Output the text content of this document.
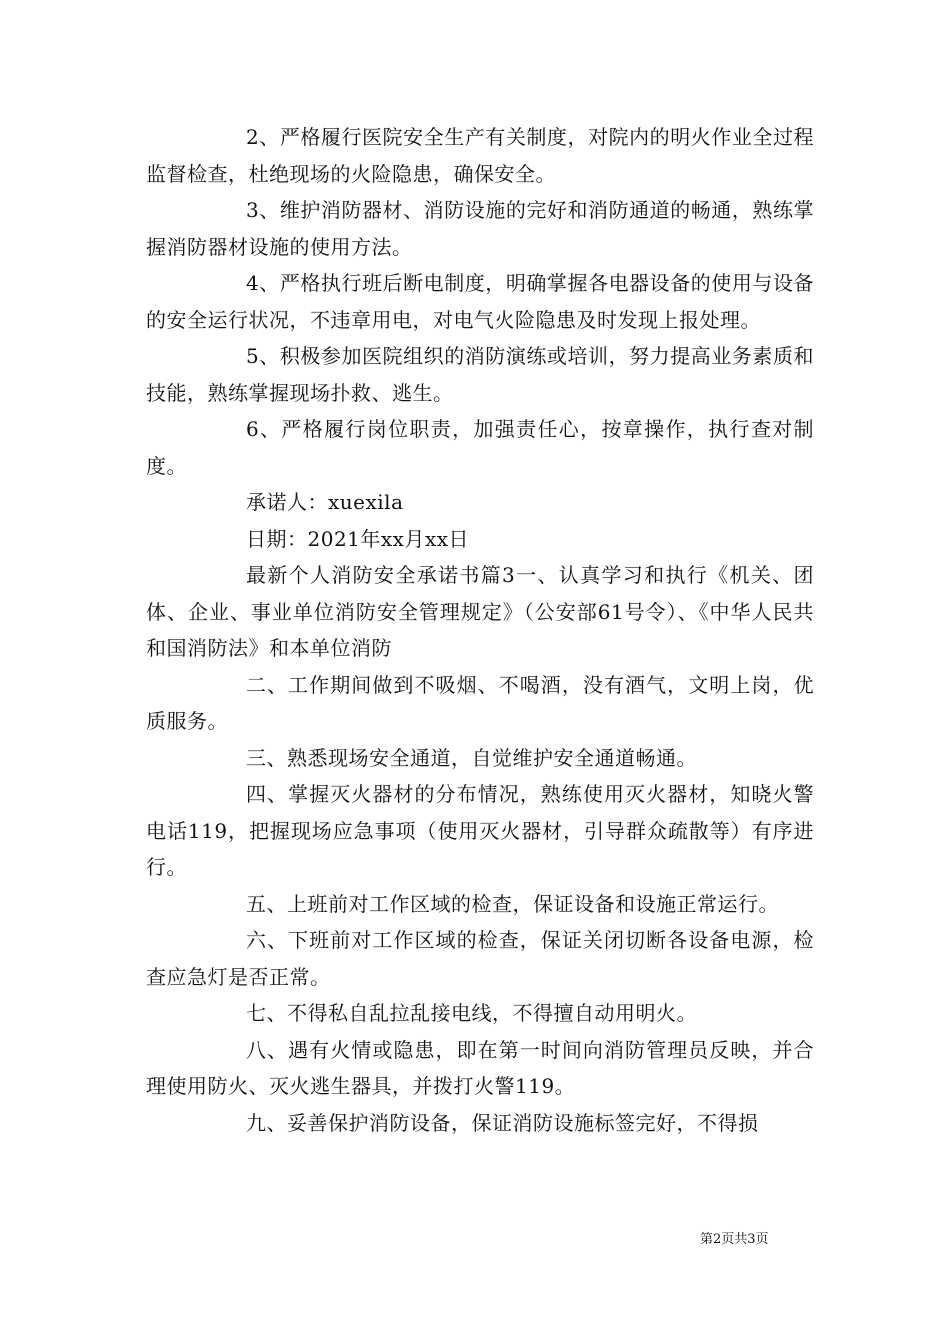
2、严格履行医院安全生产有关制度，对院内的明火作业全过程监督检查，杜绝现场的火险隐患，确保安全。

3、维护消防器材、消防设施的完好和消防通道的畅通，熟练掌握消防器材设施的使用方法。

4、严格执行班后断电制度，明确掌握各电器设备的使用与设备的安全运行状况，不违章用电，对电气火险隐患及时发现上报处理。

5、积极参加医院组织的消防演练或培训，努力提高业务素质和技能，熟练掌握现场扑救、逃生。

6、严格履行岗位职责，加强责任心，按章操作，执行查对制度。

承诺人：xuexila

日期：2021年xx月xx日

最新个人消防安全承诺书篇3一、认真学习和执行《机关、团体、企业、事业单位消防安全管理规定》（公安部61号令）、《中华人民共和国消防法》和本单位消防

二、工作期间做到不吸烟、不喝酒，没有酒气，文明上岗，优质服务。

三、熟悉现场安全通道，自觉维护安全通道畅通。

四、掌握灭火器材的分布情况，熟练使用灭火器材，知晓火警电话119，把握现场应急事项（使用灭火器材，引导群众疏散等）有序进行。

五、上班前对工作区域的检查，保证设备和设施正常运行。

六、下班前对工作区域的检查，保证关闭切断各设备电源，检查应急灯是否正常。

七、不得私自乱拉乱接电线，不得擅自动用明火。

八、遇有火情或隐患，即在第一时间向消防管理员反映，并合理使用防火、灭火逃生器具，并拨打火警119。

九、妥善保护消防设备，保证消防设施标签完好，不得损

第2页共3页
